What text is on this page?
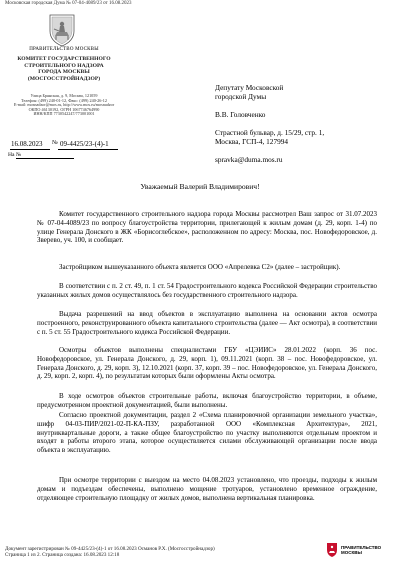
Московская городская Дума № 07-04-4089/23 от 16.08.2023
ПРАВИТЕЛЬСТВО МОСКВЫ
КОМИТЕТ ГОСУДАРСТВЕННОГО
СТРОИТЕЛЬНОГО НАДЗОРА
ГОРОДА МОСКВЫ
(МОСГОССТРОЙНАДЗОР)
Улица Брянская, д. 9, Москва, 121059
Телефон: (499) 240-01-12, Факс: (499) 240-26-12
E-mail: mosnadzor@mos.ru, http://www.mos.ru/mosnadzor
ОКПО 46130192, ОГРН 1067746764990
ИНН/КПП 7730542247/773001001
16.08.2023 № 09-4425/23-(4)-1
На №
Депутату Московской
городской Думы
В.В. Головченко
Страстной бульвар, д. 15/29, стр. 1,
Москва, ГСП-4, 127994
spravka@duma.mos.ru
Уважаемый Валерий Владимирович!
Комитет государственного строительного надзора города Москвы рассмотрел Ваш запрос от 31.07.2023 № 07-04-4089/23 по вопросу благоустройства территории, прилегающей к жилым домам (д. 29, корп. 1-4) по улице Генерала Донского в ЖК «Борисоглебское», расположенном по адресу: Москва, пос. Новофедоровское, д. Зверево, уч. 100, и сообщает.
Застройщиком вышеуказанного объекта является ООО «Апрелевка С2» (далее – застройщик).
В соответствии с п. 2 ст. 49, п. 1 ст. 54 Градостроительного кодекса Российской Федерации строительство указанных жилых домов осуществлялось без государственного строительного надзора.
Выдача разрешений на ввод объектов в эксплуатацию выполнена на основании актов осмотра построенного, реконструированного объекта капитального строительства (далее — Акт осмотра), в соответствии с п. 5 ст. 55 Градостроительного кодекса Российской Федерации.
Осмотры объектов выполнены специалистами ГБУ «ЦЭИИС» 28.01.2022 (корп. 36 пос. Новофедоровское, ул. Генерала Донского, д. 29, корп. 1), 09.11.2021 (корп. 38 – пос. Новофедоровское, ул. Генерала Донского, д. 29, корп. 3), 12.10.2021 (корп. 37, корп. 39 – пос. Новофедоровское, ул. Генерала Донского, д. 29, корп. 2, корп. 4), по результатам которых были оформлены Акты осмотра.
В ходе осмотров объектов строительные работы, включая благоустройство территории, в объеме, предусмотренном проектной документацией, были выполнены.
Согласно проектной документации, раздел 2 «Схема планировочной организации земельного участка», шифр 04-03-ПИР/2021-02-П-КА-ПЗУ, разработанной ООО «Комплексная Архитектура», 2021, внутриквартальные дороги, а также общее благоустройство по участку выполняются отдельным проектом и входят в работы второго этапа, которое осуществляется силами обслуживающей организации после ввода объекта в эксплуатацию.
При осмотре территории с выездом на место 04.08.2023 установлено, что проезды, подходы к жилым домам и подъездам обеспечены, выполнено мощение тротуаров, установлено временное ограждение, отделяющее строительную площадку от жилых домов, выполнена вертикальная планировка.
Документ зарегистрирован № 09-4425/23-(4)-1 от 16.08.2023 Османов Р.Х. (Мосгосстройнадзор)
Страница 1 из 2. Страница создана: 16.08.2023 12:18
ПРАВИТЕЛЬСТВО
МОСКВЫ
